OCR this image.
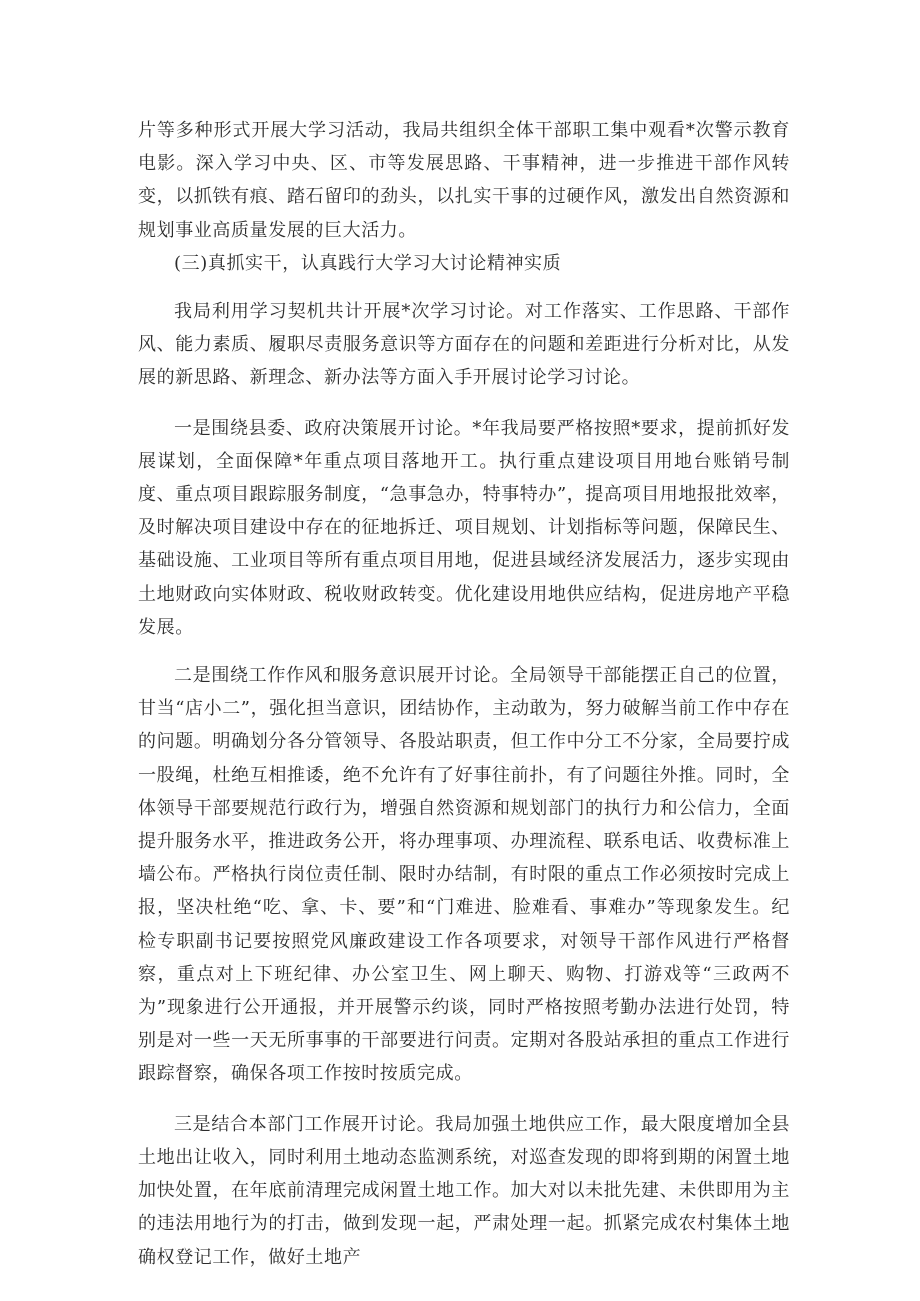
片等多种形式开展大学习活动，我局共组织全体干部职工集中观看*次警示教育电影。深入学习中央、区、市等发展思路、干事精神，进一步推进干部作风转变，以抓铁有痕、踏石留印的劲头，以扎实干事的过硬作风，激发出自然资源和规划事业高质量发展的巨大活力。

(三)真抓实干，认真践行大学习大讨论精神实质

我局利用学习契机共计开展*次学习讨论。对工作落实、工作思路、干部作风、能力素质、履职尽责服务意识等方面存在的问题和差距进行分析对比，从发展的新思路、新理念、新办法等方面入手开展讨论学习讨论。

一是围绕县委、政府决策展开讨论。*年我局要严格按照*要求，提前抓好发展谋划，全面保障*年重点项目落地开工。执行重点建设项目用地台账销号制度、重点项目跟踪服务制度，“急事急办，特事特办”，提高项目用地报批效率，及时解决项目建设中存在的征地拆迁、项目规划、计划指标等问题，保障民生、基础设施、工业项目等所有重点项目用地，促进县域经济发展活力，逐步实现由土地财政向实体财政、税收财政转变。优化建设用地供应结构，促进房地产平稳发展。

二是围绕工作作风和服务意识展开讨论。全局领导干部能摆正自己的位置，甘当“店小二”，强化担当意识，团结协作，主动敢为，努力破解当前工作中存在的问题。明确划分各分管领导、各股站职责，但工作中分工不分家，全局要拧成一股绳，杜绝互相推诿，绝不允许有了好事往前扑，有了问题往外推。同时，全体领导干部要规范行政行为，增强自然资源和规划部门的执行力和公信力，全面提升服务水平，推进政务公开，将办理事项、办理流程、联系电话、收费标准上墙公布。严格执行岗位责任制、限时办结制，有时限的重点工作必须按时完成上报，坚决杜绝“吃、拿、卡、要”和“门难进、脸难看、事难办”等现象发生。纪检专职副书记要按照党风廉政建设工作各项要求，对领导干部作风进行严格督察，重点对上下班纪律、办公室卫生、网上聊天、购物、打游戏等“三政两不为”现象进行公开通报，并开展警示约谈，同时严格按照考勤办法进行处罚，特别是对一些一天无所事事的干部要进行问责。定期对各股站承担的重点工作进行跟踪督察，确保各项工作按时按质完成。

三是结合本部门工作展开讨论。我局加强土地供应工作，最大限度增加全县土地出让收入，同时利用土地动态监测系统，对巡查发现的即将到期的闲置土地加快处置，在年底前清理完成闲置土地工作。加大对以未批先建、未供即用为主的违法用地行为的打击，做到发现一起，严肃处理一起。抓紧完成农村集体土地确权登记工作，做好土地产
